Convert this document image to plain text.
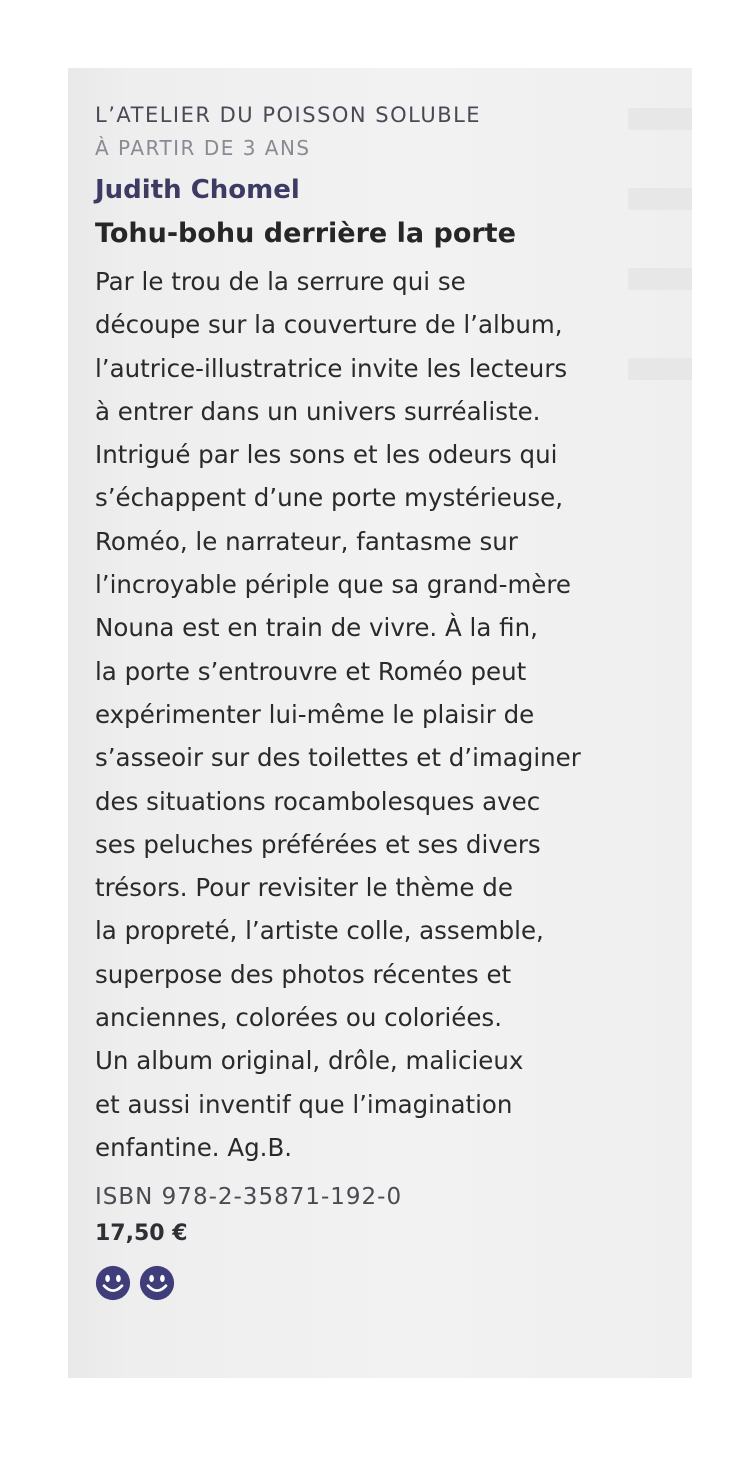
L’ATELIER DU POISSON SOLUBLE

À PARTIR DE 3 ANS

Judith Chomel

Tohu-bohu derrière la porte

Par le trou de la serrure qui se
découpe sur la couverture de l’album,
l’autrice-illustratrice invite les lecteurs
à entrer dans un univers surréaliste.
Intrigué par les sons et les odeurs qui
s’échappent d’une porte mystérieuse,
Roméo, le narrateur, fantasme sur
l’incroyable périple que sa grand-mère
Nouna est en train de vivre. À la fin,
la porte s’entrouvre et Roméo peut
expérimenter lui-même le plaisir de
s’asseoir sur des toilettes et d’imaginer
des situations rocambolesques avec
ses peluches préférées et ses divers
trésors. Pour revisiter le thème de
la propreté, l’artiste colle, assemble,
superpose des photos récentes et
anciennes, colorées ou coloriées.
Un album original, drôle, malicieux
et aussi inventif que l’imagination
enfantine. Ag.B.

ISBN 978-2-35871-192-0

17,50 €
